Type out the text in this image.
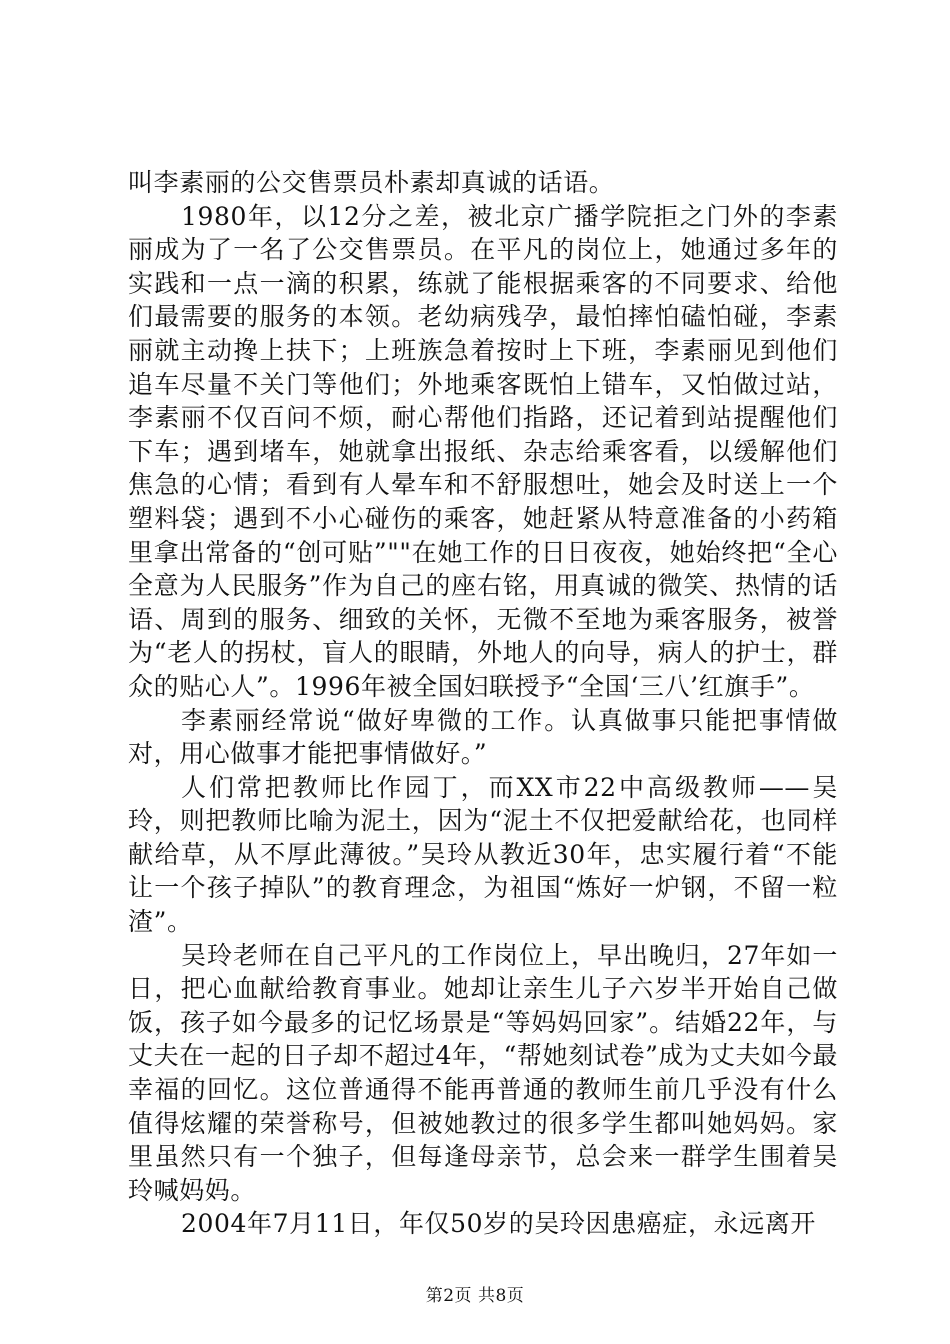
叫李素丽的公交售票员朴素却真诚的话语。

1980年，以12分之差，被北京广播学院拒之门外的李素丽成为了一名了公交售票员。在平凡的岗位上，她通过多年的实践和一点一滴的积累，练就了能根据乘客的不同要求、给他们最需要的服务的本领。老幼病残孕，最怕摔怕磕怕碰，李素丽就主动搀上扶下；上班族急着按时上下班，李素丽见到他们追车尽量不关门等他们；外地乘客既怕上错车，又怕做过站，李素丽不仅百问不烦，耐心帮他们指路，还记着到站提醒他们下车；遇到堵车，她就拿出报纸、杂志给乘客看，以缓解他们焦急的心情；看到有人晕车和不舒服想吐，她会及时送上一个塑料袋；遇到不小心碰伤的乘客，她赶紧从特意准备的小药箱里拿出常备的“创可贴”""在她工作的日日夜夜，她始终把“全心全意为人民服务”作为自己的座右铭，用真诚的微笑、热情的话语、周到的服务、细致的关怀，无微不至地为乘客服务，被誉为“老人的拐杖，盲人的眼睛，外地人的向导，病人的护士，群众的贴心人”。1996年被全国妇联授予“全国‘三八’红旗手”。

李素丽经常说“做好卑微的工作。认真做事只能把事情做对，用心做事才能把事情做好。”

人们常把教师比作园丁，而XX市22中高级教师——吴玲，则把教师比喻为泥土，因为“泥土不仅把爱献给花，也同样献给草，从不厚此薄彼。”吴玲从教近30年，忠实履行着“不能让一个孩子掉队”的教育理念，为祖国“炼好一炉钢，不留一粒渣”。

吴玲老师在自己平凡的工作岗位上，早出晚归，27年如一日，把心血献给教育事业。她却让亲生儿子六岁半开始自己做饭，孩子如今最多的记忆场景是“等妈妈回家”。结婚22年，与丈夫在一起的日子却不超过4年，“帮她刻试卷”成为丈夫如今最幸福的回忆。这位普通得不能再普通的教师生前几乎没有什么值得炫耀的荣誉称号，但被她教过的很多学生都叫她妈妈。家里虽然只有一个独子，但每逢母亲节，总会来一群学生围着吴玲喊妈妈。

2004年7月11日，年仅50岁的吴玲因患癌症，永远离开

第2页 共8页
